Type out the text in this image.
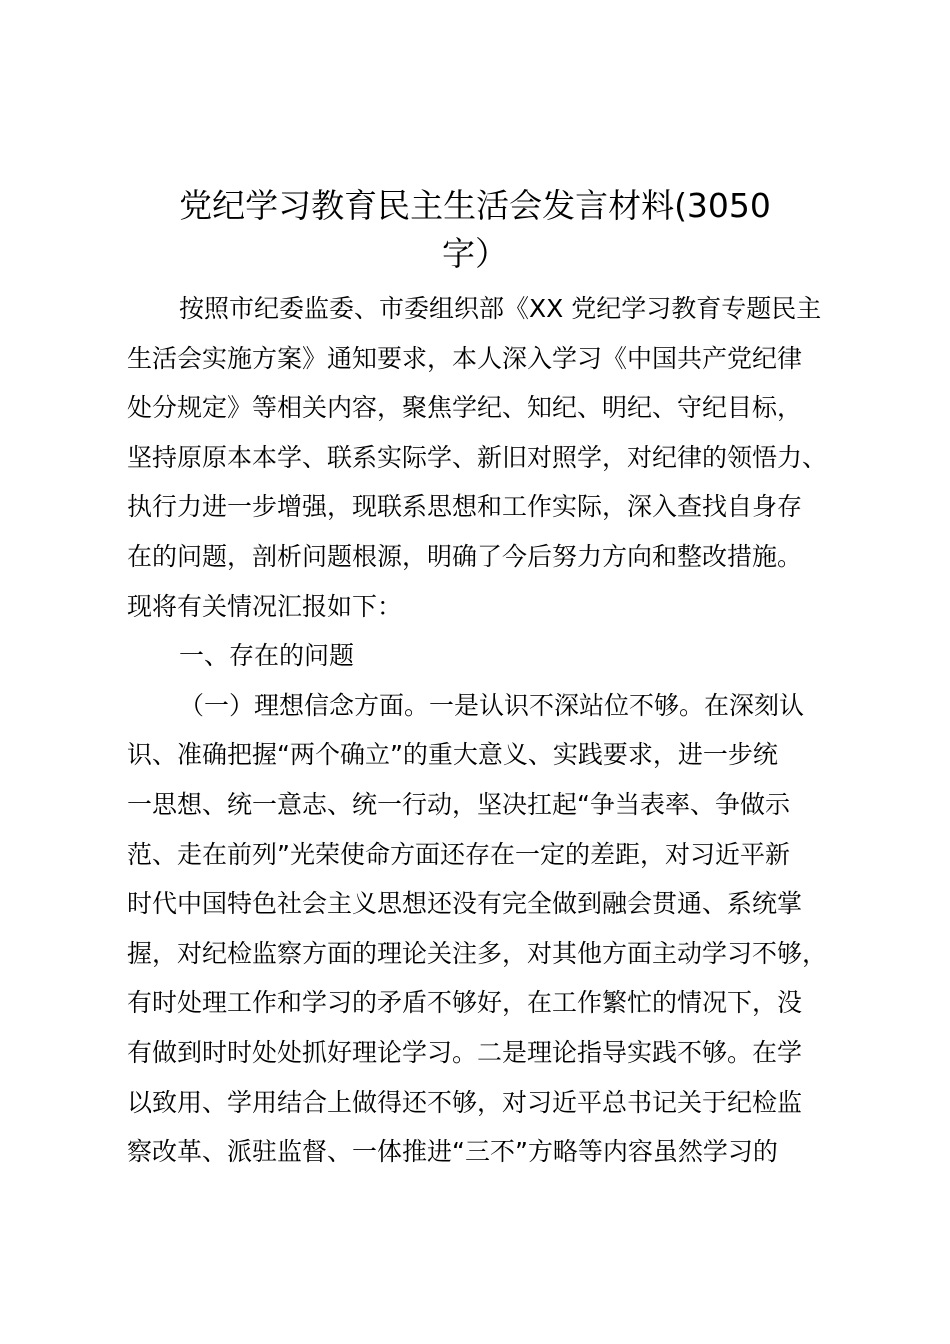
党纪学习教育民主生活会发言材料(3050
字）
按照市纪委监委、市委组织部《XX 党纪学习教育专题民主
生活会实施方案》通知要求，本人深入学习《中国共产党纪律
处分规定》等相关内容，聚焦学纪、知纪、明纪、守纪目标，
坚持原原本本学、联系实际学、新旧对照学，对纪律的领悟力、
执行力进一步增强，现联系思想和工作实际，深入查找自身存
在的问题，剖析问题根源，明确了今后努力方向和整改措施。
现将有关情况汇报如下：
一、存在的问题
（一）理想信念方面。一是认识不深站位不够。在深刻认
识、准确把握“两个确立”的重大意义、实践要求，进一步统
一思想、统一意志、统一行动，坚决扛起“争当表率、争做示
范、走在前列”光荣使命方面还存在一定的差距，对习近平新
时代中国特色社会主义思想还没有完全做到融会贯通、系统掌
握，对纪检监察方面的理论关注多，对其他方面主动学习不够，
有时处理工作和学习的矛盾不够好，在工作繁忙的情况下，没
有做到时时处处抓好理论学习。二是理论指导实践不够。在学
以致用、学用结合上做得还不够，对习近平总书记关于纪检监
察改革、派驻监督、一体推进“三不”方略等内容虽然学习的
